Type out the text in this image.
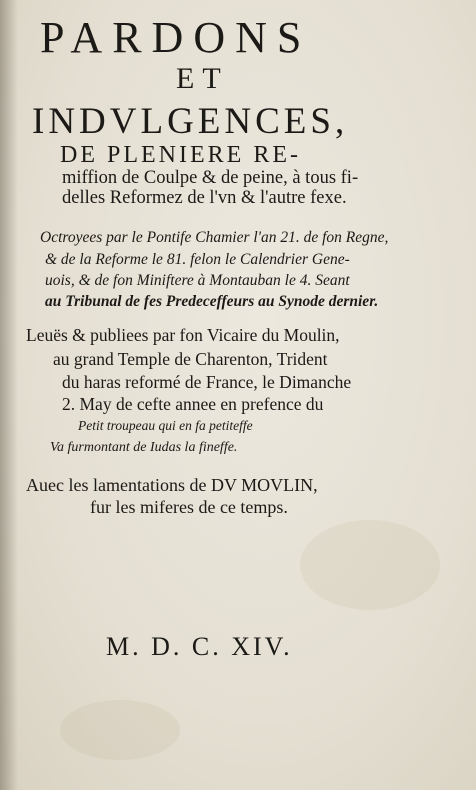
PARDONS
ET
INDVLGENCES,
DE PLENIERE RE-
miffion de Coulpe & de peine, à tous fi-
delles Reformez de l'vn & l'autre fexe.
Octroyees par le Pontife Chamier l'an 21. de fon Regne,
& de la Reforme le 81. felon le Calendrier Gene-
uois, & de fon Miniftere à Montauban le 4. Seant
au Tribunal de fes Predeceffeurs au Synode dernier.
Leuës & publiees par fon Vicaire du Moulin,
au grand Temple de Charenton, Trident
du haras reformé de France, le Dimanche
2. May de cefte annee en prefence du
Petit troupeau qui en fa petiteffe
Va furmontant de Iudas la fineffe.
Auec les lamentations de DV MOVLIN,
fur les miferes de ce temps.
M. D. C. XIV.
